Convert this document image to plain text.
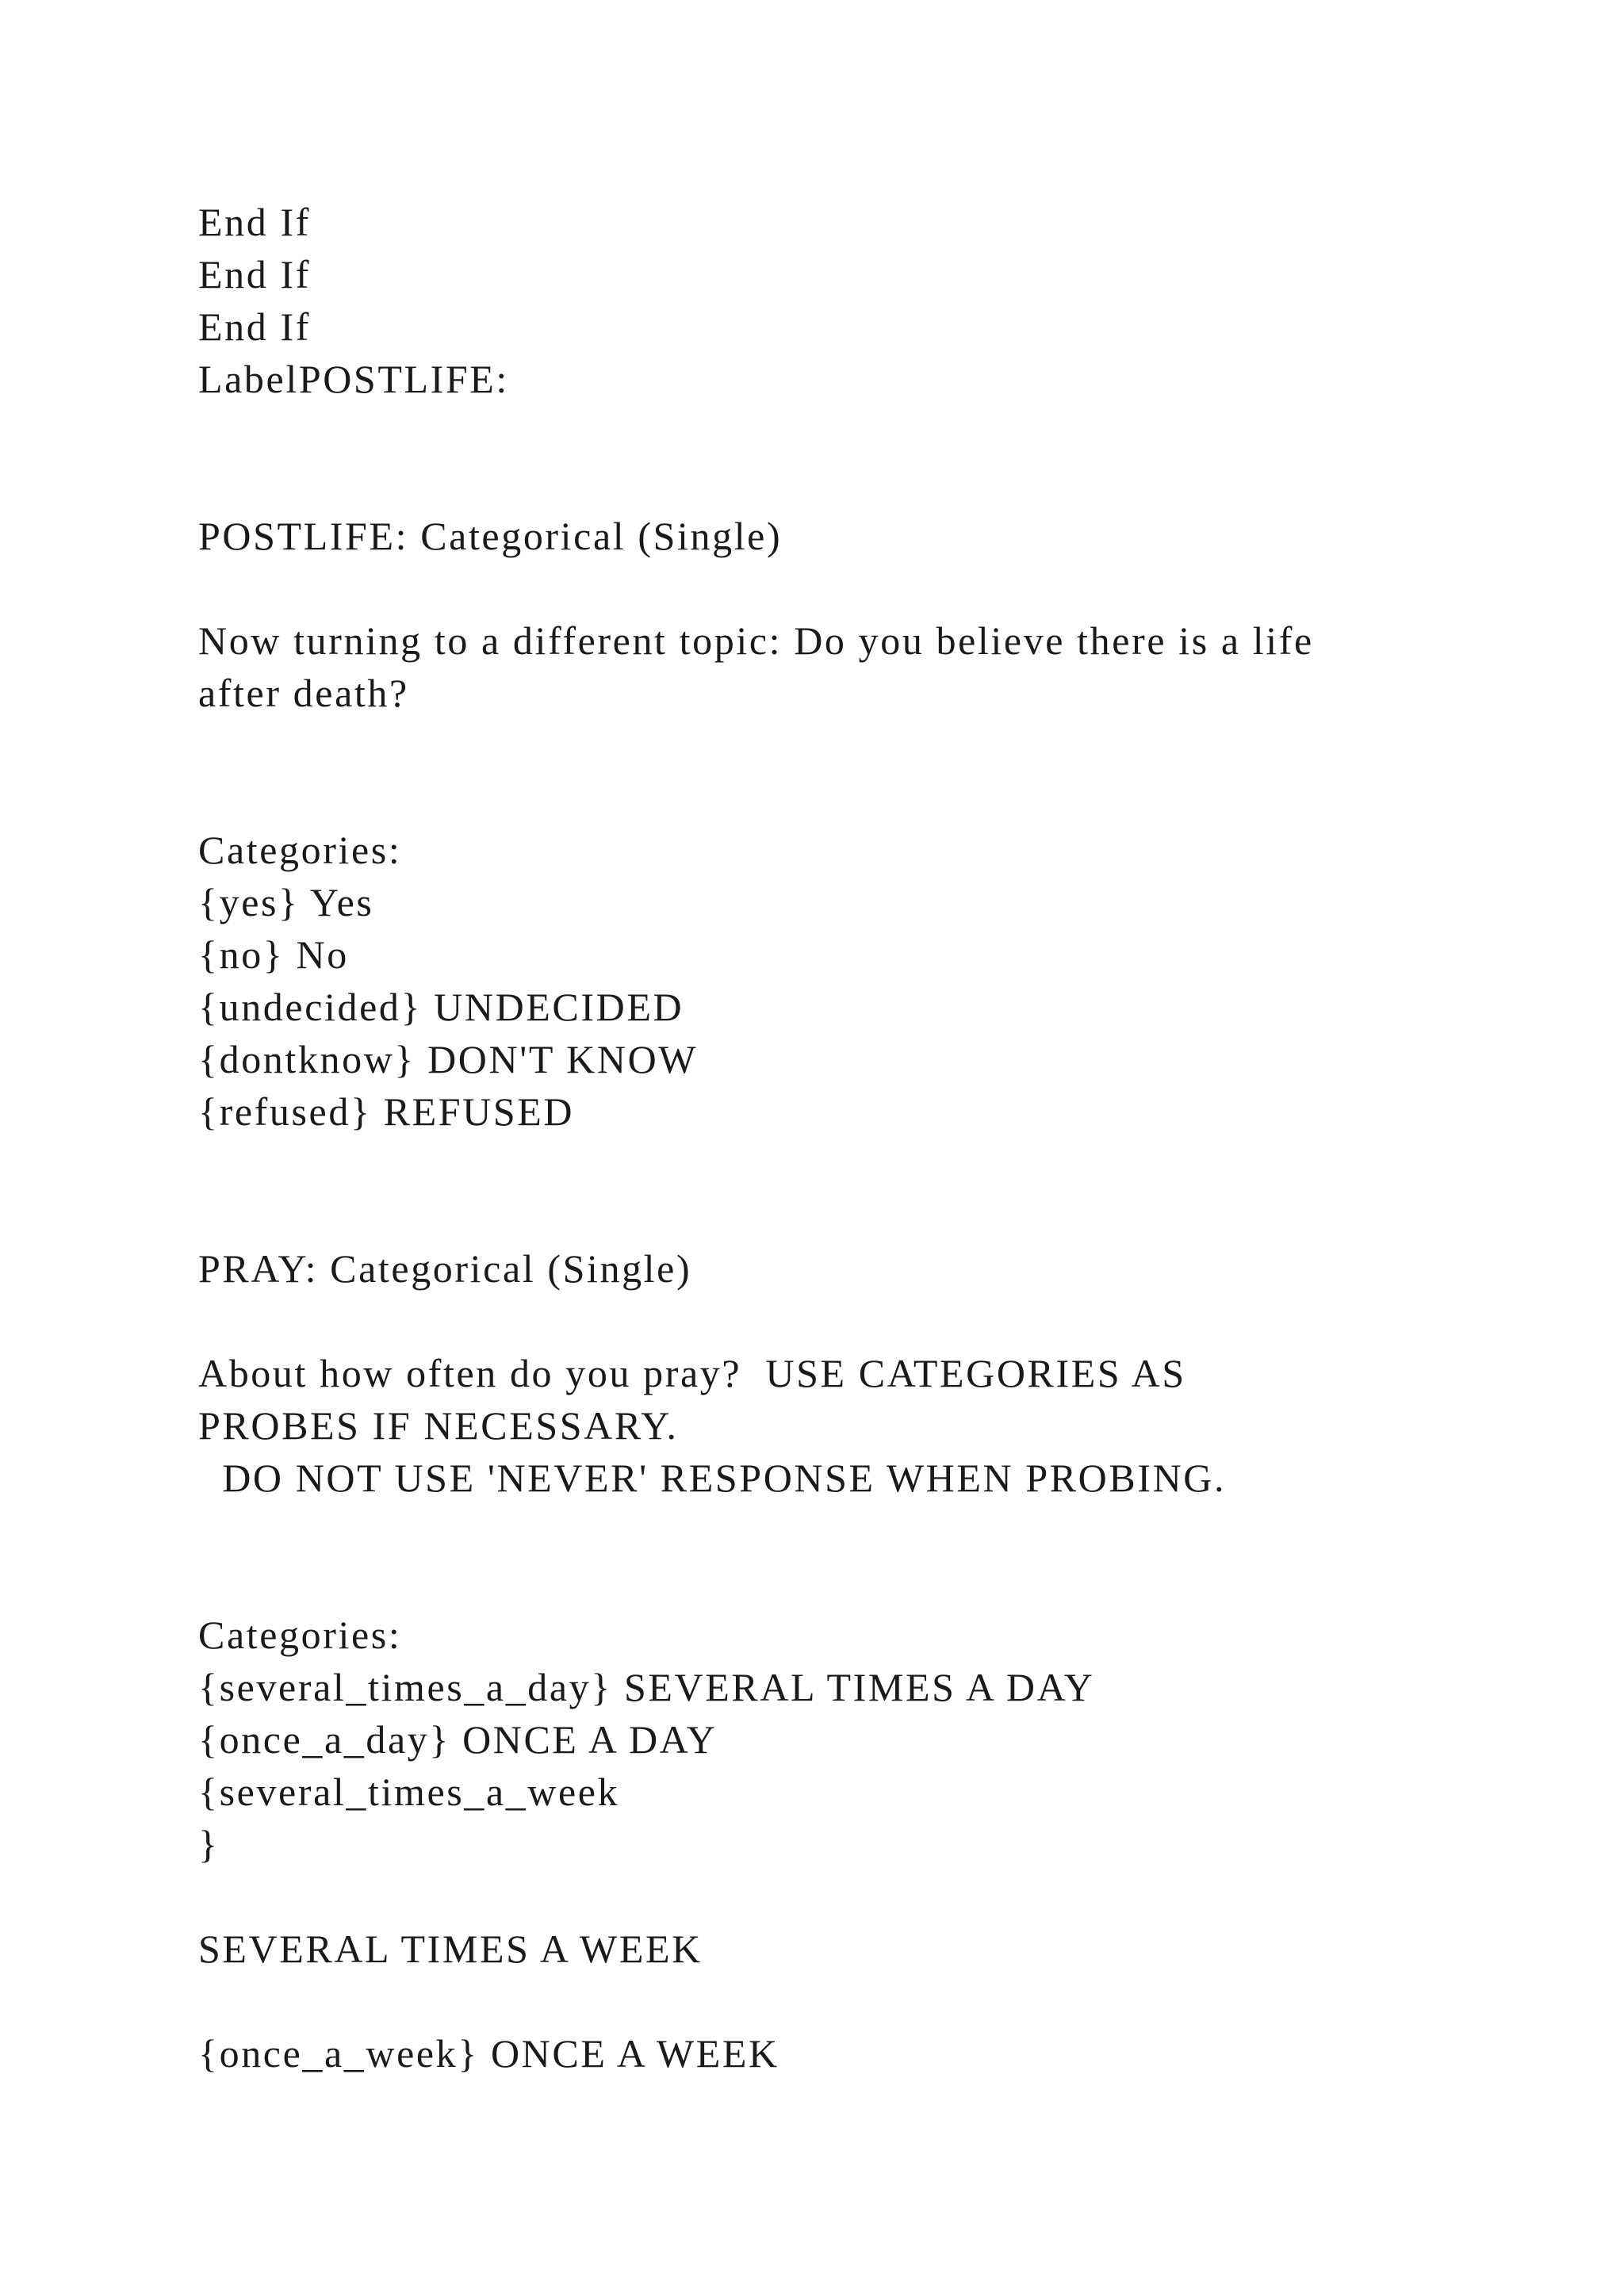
End If

End If

End If

LabelPOSTLIFE:

POSTLIFE: Categorical (Single)

Now turning to a different topic: Do you believe there is a life

after death?

Categories:

{yes} Yes

{no} No

{undecided} UNDECIDED

{dontknow} DON'T KNOW

{refused} REFUSED

PRAY: Categorical (Single)

About how often do you pray?  USE CATEGORIES AS

PROBES IF NECESSARY.

DO NOT USE 'NEVER' RESPONSE WHEN PROBING.

Categories:

{several_times_a_day} SEVERAL TIMES A DAY

{once_a_day} ONCE A DAY

{several_times_a_week

}

SEVERAL TIMES A WEEK

{once_a_week} ONCE A WEEK
